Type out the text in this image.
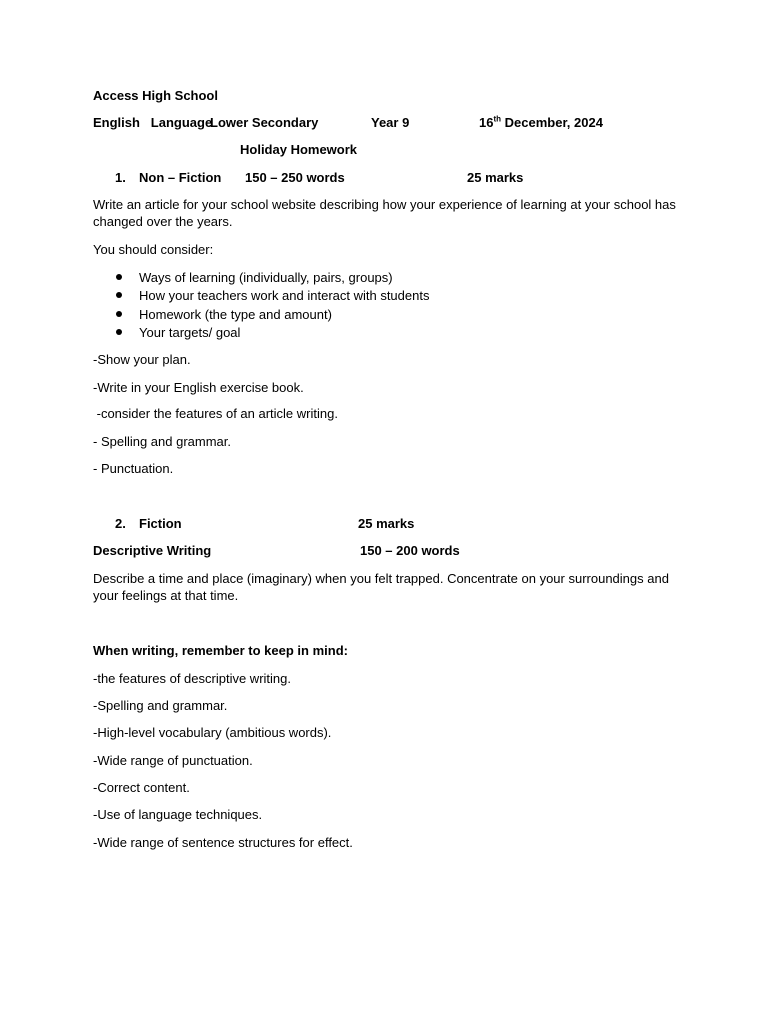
Access High School
English   Language
Lower Secondary	Year 9	16th December, 2024
Holiday Homework
1. Non – Fiction 150 – 250 words	25 marks
Write an article for your school website describing how your experience of learning at your school has changed over the years.
You should consider:
Ways of learning (individually, pairs, groups)
How your teachers work and interact with students
Homework (the type and amount)
Your targets/ goal
-Show your plan.
-Write in your English exercise book.
-consider the features of an article writing.
- Spelling and grammar.
- Punctuation.
2. Fiction	25 marks
Descriptive Writing	150 – 200 words
Describe a time and place (imaginary) when you felt trapped. Concentrate on your surroundings and your feelings at that time.
When writing, remember to keep in mind:
-the features of descriptive writing.
-Spelling and grammar.
-High-level vocabulary (ambitious words).
-Wide range of punctuation.
-Correct content.
-Use of language techniques.
-Wide range of sentence structures for effect.
